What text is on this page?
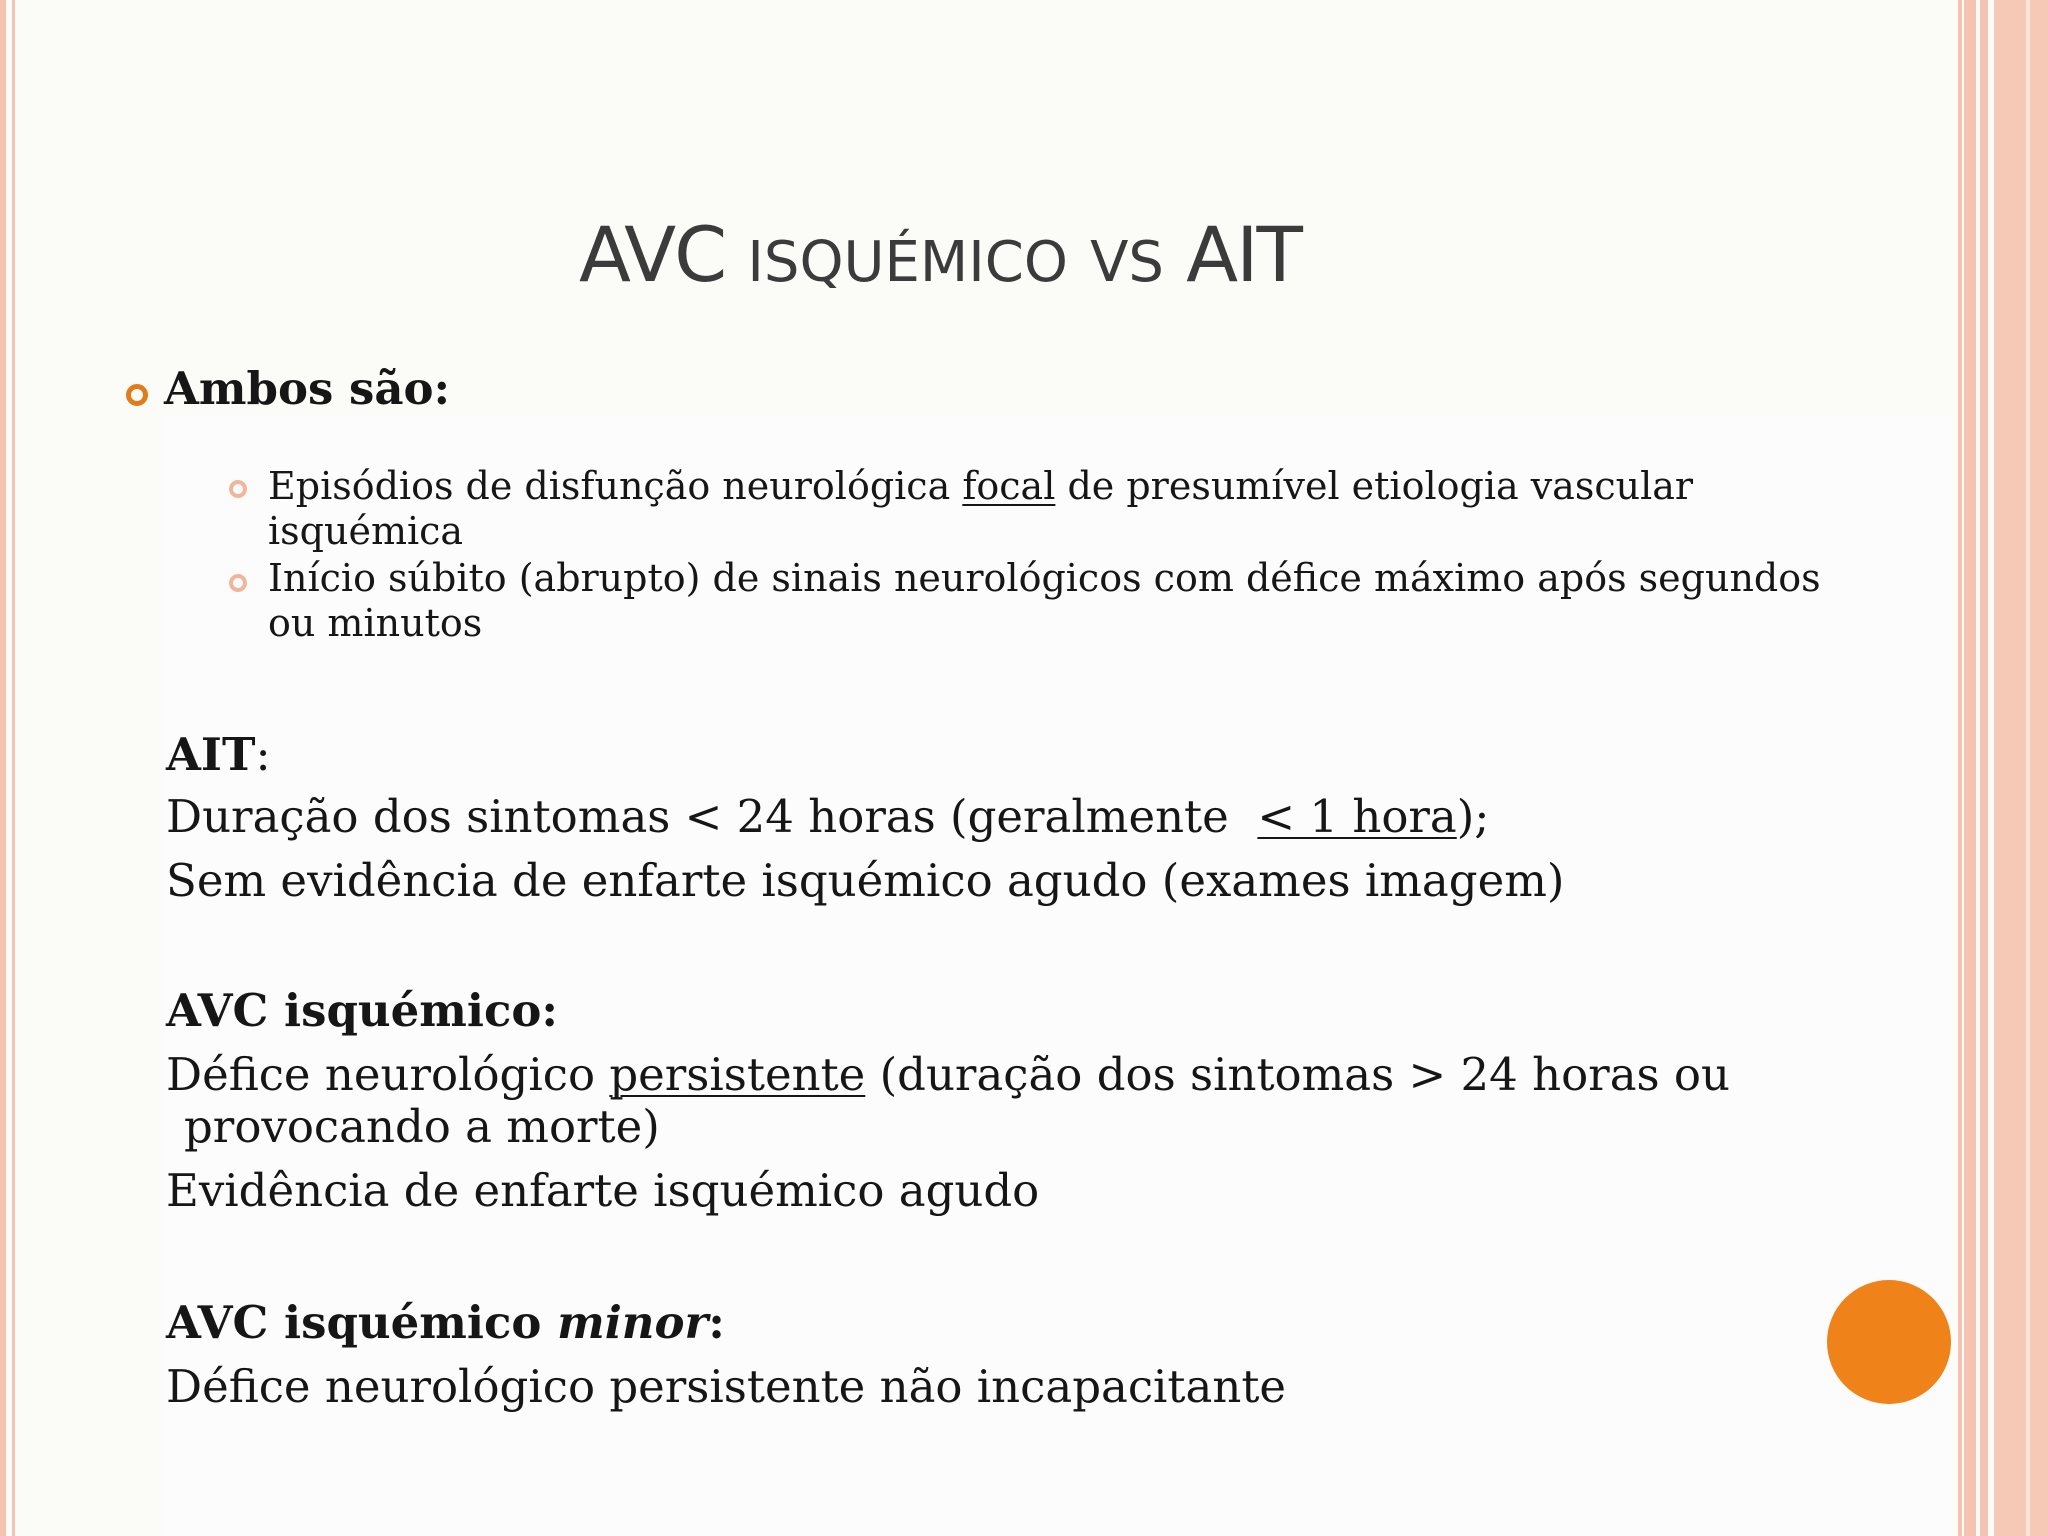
AVC ISQUÉMICO VS AIT
Ambos são:
Episódios de disfunção neurológica focal de presumível etiologia vascular isquémica
Início súbito (abrupto) de sinais neurológicos com défice máximo após segundos ou minutos
AIT:
Duração dos sintomas < 24 horas (geralmente  < 1 hora);
Sem evidência de enfarte isquémico agudo (exames imagem)
AVC isquémico:
Défice neurológico persistente (duração dos sintomas > 24 horas ou
provocando a morte)
Evidência de enfarte isquémico agudo
AVC isquémico minor:
Défice neurológico persistente não incapacitante
